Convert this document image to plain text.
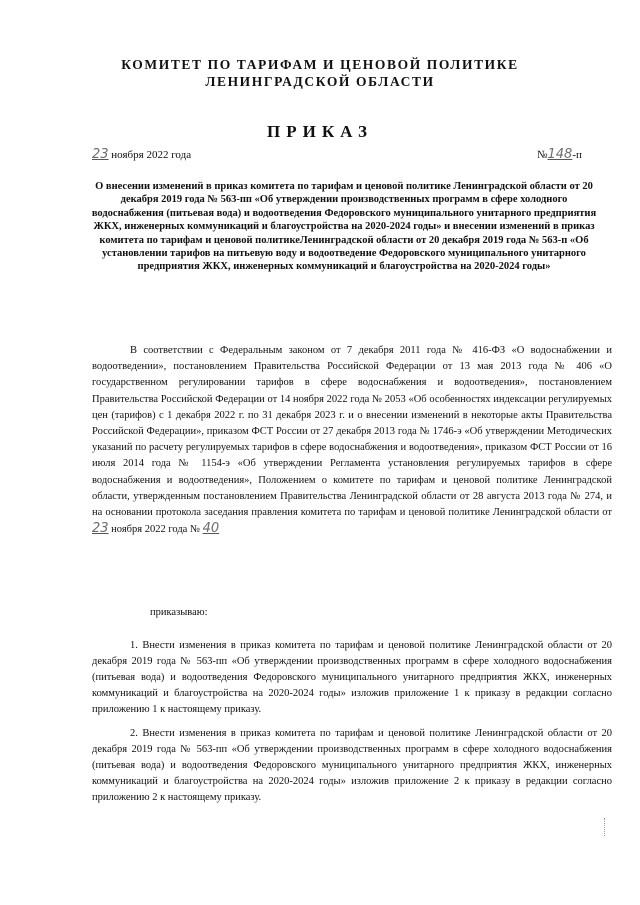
КОМИТЕТ ПО ТАРИФАМ И ЦЕНОВОЙ ПОЛИТИКЕ
ЛЕНИНГРАДСКОЙ ОБЛАСТИ
ПРИКАЗ
23 ноября 2022 года	№148-п
О внесении изменений в приказ комитета по тарифам и ценовой политике Ленинградской области от 20 декабря 2019 года № 563-пп «Об утверждении производственных программ в сфере холодного водоснабжения (питьевая вода) и водоотведения Федоровского муниципального унитарного предприятия ЖКХ, инженерных коммуникаций и благоустройства на 2020-2024 годы» и внесении изменений в приказ комитета по тарифам и ценовой политикеЛенинградской области от 20 декабря 2019 года № 563-п «Об установлении тарифов на питьевую воду и водоотведение Федоровского муниципального унитарного предприятия ЖКХ, инженерных коммуникаций и благоустройства на 2020-2024 годы»
В соответствии с Федеральным законом от 7 декабря 2011 года № 416-ФЗ «О водоснабжении и водоотведении», постановлением Правительства Российской Федерации от 13 мая 2013 года № 406 «О государственном регулировании тарифов в сфере водоснабжения и водоотведения», постановлением Правительства Российской Федерации от 14 ноября 2022 года № 2053 «Об особенностях индексации регулируемых цен (тарифов) с 1 декабря 2022 г. по 31 декабря 2023 г. и о внесении изменений в некоторые акты Правительства Российской Федерации», приказом ФСТ России от 27 декабря 2013 года № 1746-э «Об утверждении Методических указаний по расчету регулируемых тарифов в сфере водоснабжения и водоотведения», приказом ФСТ России от 16 июля 2014 года № 1154-э «Об утверждении Регламента установления регулируемых тарифов в сфере водоснабжения и водоотведения», Положением о комитете по тарифам и ценовой политике Ленинградской области, утвержденным постановлением Правительства Ленинградской области от 28 августа 2013 года № 274, и на основании протокола заседания правления комитета по тарифам и ценовой политике Ленинградской области от 23 ноября 2022 года № 40
приказываю:
1. Внести изменения в приказ комитета по тарифам и ценовой политике Ленинградской области от 20 декабря 2019 года № 563-пп «Об утверждении производственных программ в сфере холодного водоснабжения (питьевая вода) и водоотведения Федоровского муниципального унитарного предприятия ЖКХ, инженерных коммуникаций и благоустройства на 2020-2024 годы» изложив приложение 1 к приказу в редакции согласно приложению 1 к настоящему приказу.
2. Внести изменения в приказ комитета по тарифам и ценовой политике Ленинградской области от 20 декабря 2019 года № 563-пп «Об утверждении производственных программ в сфере холодного водоснабжения (питьевая вода) и водоотведения Федоровского муниципального унитарного предприятия ЖКХ, инженерных коммуникаций и благоустройства на 2020-2024 годы» изложив приложение 2 к приказу в редакции согласно приложению 2 к настоящему приказу.
